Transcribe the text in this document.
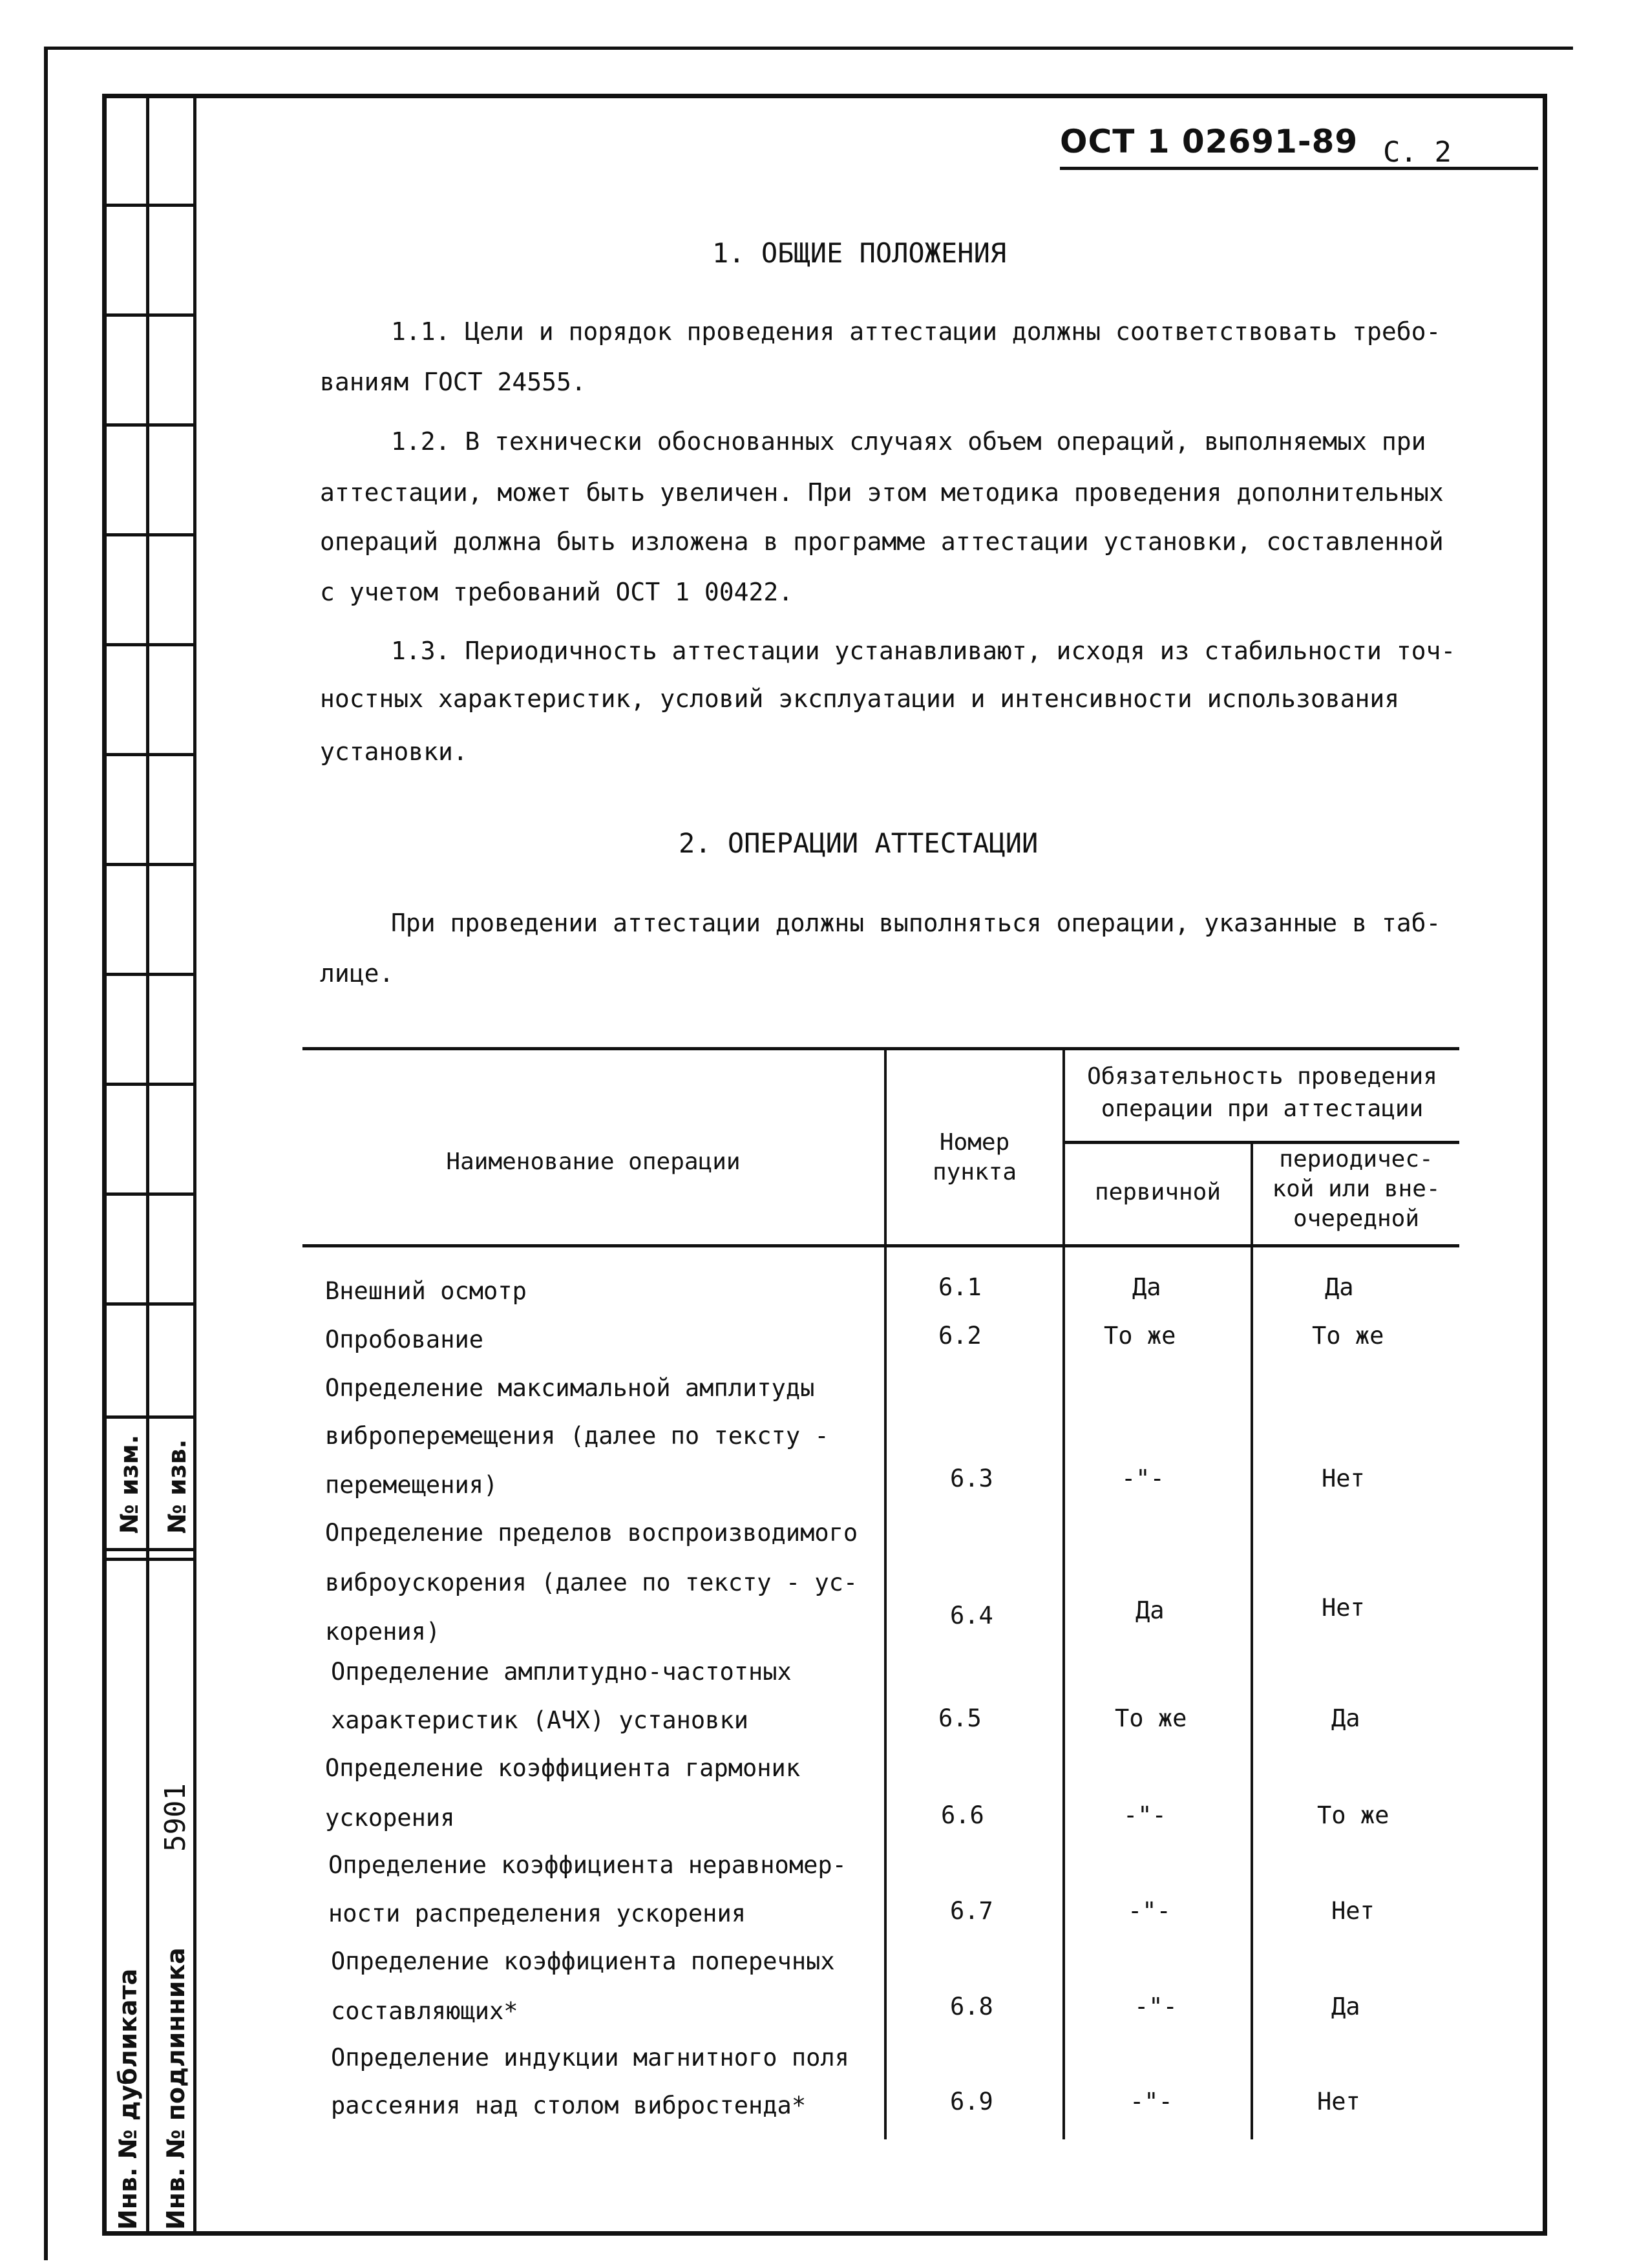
№ изм. № изв.
5901
Инв. № дубликата Инв. № подлинника
ОСТ 1 02691-89 С. 2
1. ОБЩИЕ ПОЛОЖЕНИЯ
1.1. Цели и порядок проведения аттестации должны соответствовать требо-
ваниям ГОСТ 24555.
1.2. В технически обоснованных случаях объем операций, выполняемых при
аттестации, может быть увеличен. При этом методика проведения дополнительных
операций должна быть изложена в программе аттестации установки, составленной
с учетом требований ОСТ 1 00422.
1.3. Периодичность аттестации устанавливают, исходя из стабильности точ-
ностных характеристик, условий эксплуатации и интенсивности использования
установки.
2. ОПЕРАЦИИ АТТЕСТАЦИИ
При проведении аттестации должны выполняться операции, указанные в таб-
лице.
Наименование операции
Номер
пункта
Обязательность проведения
операции при аттестации
первичной
периодичес-
кой или вне-
очередной
Внешний осмотр	6.1	Да	Да
Опробование	6.2	То же	То же
Определение максимальной амплитуды
виброперемещения (далее по тексту -
перемещения)	6.3	-"-	Нет
Определение пределов воспроизводимого
виброускорения (далее по тексту - ус-
корения)
6.4	Да	Нет
Определение амплитудно-частотных
характеристик (АЧХ) установки	6.5	То же	Да
Определение коэффициента гармоник
ускорения	6.6	-"-	То же
Определение коэффициента неравномер-
ности распределения ускорения	6.7	-"-	Нет
Определение коэффициента поперечных
составляющих*	6.8	-"-	Да
Определение индукции магнитного поля
рассеяния над столом вибростенда*	6.9	-"-	Нет
